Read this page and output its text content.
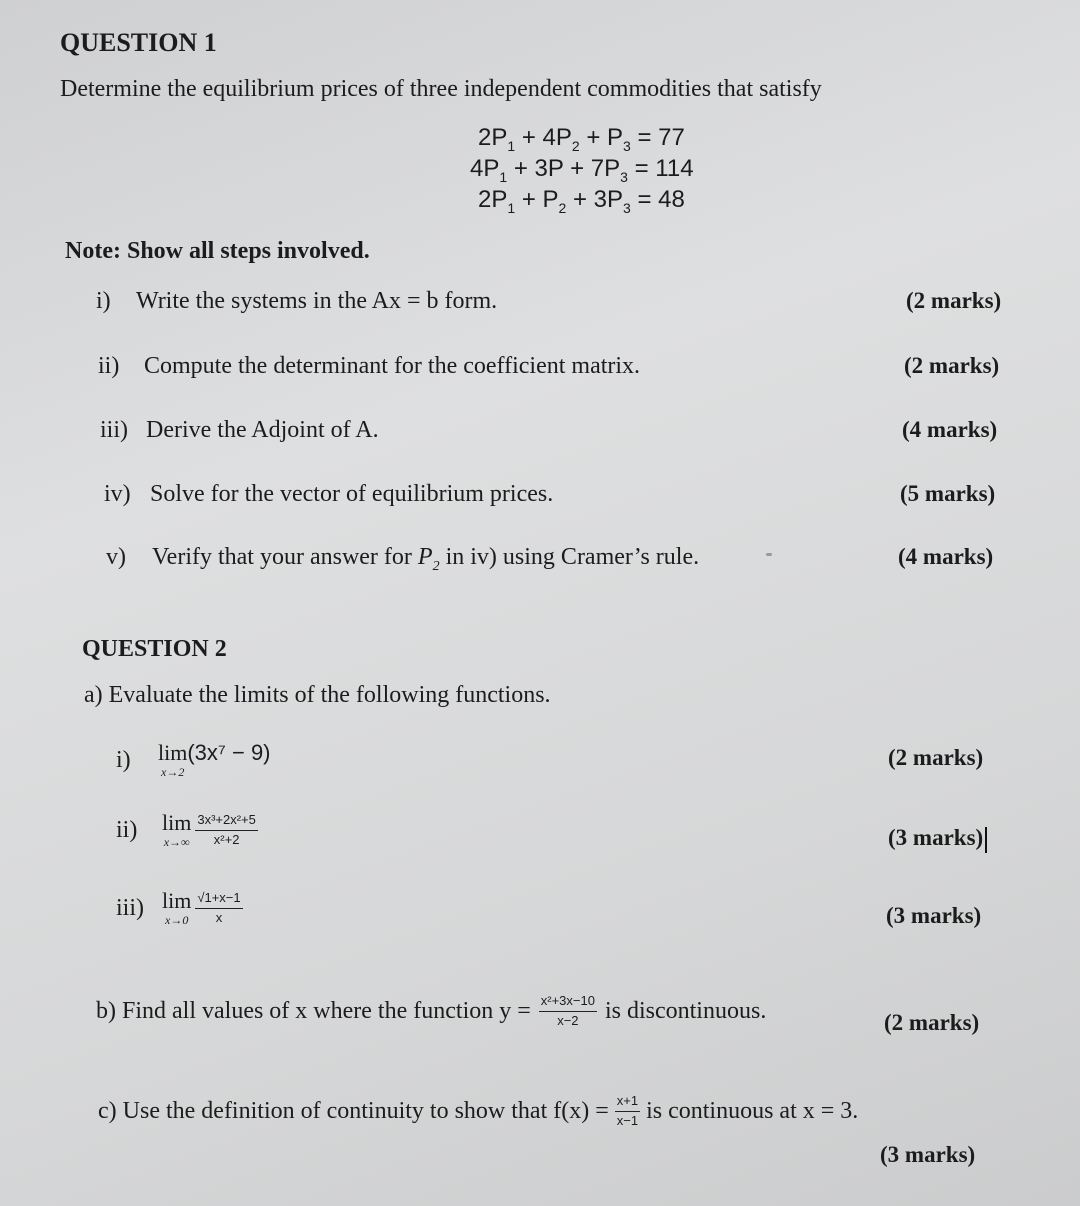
QUESTION 1
Determine the equilibrium prices of three independent commodities that satisfy
$2P_1 + 4P_2 + P_3 = 77$
$4P_1 + 3P + 7P_3 = 114$
$2P_1 + P_2 + 3P_3 = 48$
Note: Show all steps involved.
i) Write the systems in the Ax = b form.	(2 marks)
ii) Compute the determinant for the coefficient matrix.	(2 marks)
iii) Derive the Adjoint of A.	(4 marks)
iv) Solve for the vector of equilibrium prices.	(5 marks)
v) Verify that your answer for $P_2$ in iv) using Cramer’s rule.	(4 marks)
QUESTION 2
a) Evaluate the limits of the following functions.
i)	lim
x→2
(3x⁷ − 9)	(2 marks)
ii)	lim
$x\to\infty \frac{\text{3x³+2x²+5}}{\text{x²+2}}$	(3 marks)
iii) lim
$x\to 0 \frac{√1+x-1}{x}$	(3 marks)
b) Find all values of x where the function $y = \frac{\text{x²+3x−10}}{x-2}$ is discontinuous.	(2 marks)
c) Use the definition of continuity to show that $f(x) = \frac{x+1}{x-1}$ is continuous at x = 3.
(3 marks)
